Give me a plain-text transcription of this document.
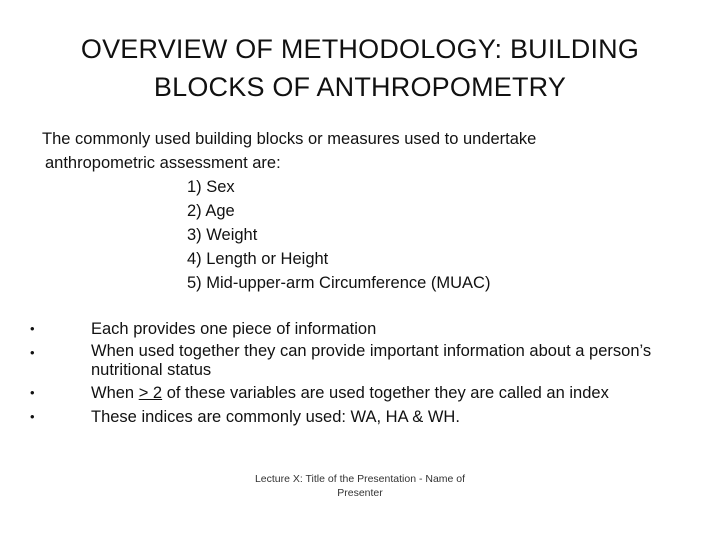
OVERVIEW OF METHODOLOGY: BUILDING
BLOCKS OF ANTHROPOMETRY
The commonly used building blocks or measures used to undertake
anthropometric assessment are:
1) Sex
2) Age
3) Weight
4) Length or Height
5) Mid-upper-arm Circumference (MUAC)
•	Each provides one piece of information
•	When used together they can provide important information about a person’s nutritional status
•	When > 2 of these variables are used together they are called an index
•	These indices are commonly used: WA, HA & WH.
Lecture X: Title of the Presentation - Name of Presenter
